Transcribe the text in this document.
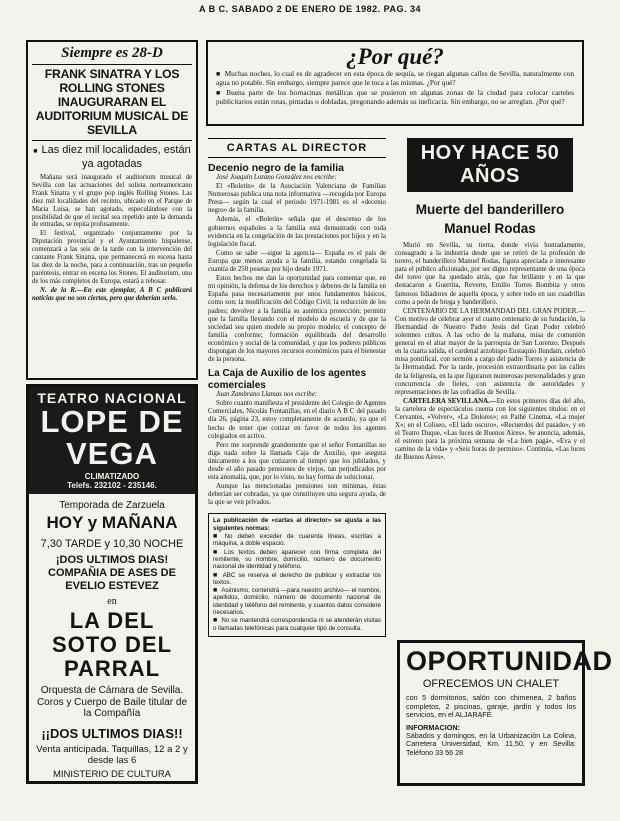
A B C. SABADO 2 DE ENERO DE 1982. PAG. 34
Siempre es 28-D
FRANK SINATRA Y LOS ROLLING STONES INAUGURARAN EL AUDITORIUM MUSICAL DE SEVILLA
■ Las diez mil localidades, están ya agotadas

Mañana será inaugurado el auditorium musical de Sevilla con las actuaciones del solista norteamericano Frank Sinatra y el grupo pop inglés Rolling Stones. Las diez mil localidades del recinto, ubicado en el Parque de Maria Luisa, se han agotado, especulándose con la posibilidad de que el recital sea repetido ante la demanda de entradas, se repita profusamente.

El festival, organizado conjuntamente por la Diputación provincial y el Ayuntamiento hispalense, comenzará a las seis de la tarde con la intervención del cantante Frank Sinatra, que permanecerá en escena hasta las diez de la noche, para a continuación, tras un pequeño paréntesis, entrar en escena los Stones. El auditorium, uno de los más completos de Europa, estará a rebosar.

N. de la R.—En este ejemplar, A B C publicará noticias que no son ciertas, pero que deberían serlo.

TEATRO NACIONAL
LOPE DE VEGA
CLIMATIZADO
Telefs. 232102 - 235146.
Temporada de Zarzuela
HOY y MAÑANA
7,30 TARDE y 10,30 NOCHE
¡DOS ULTIMOS DIAS! COMPAÑIA DE ASES DE EVELIO ESTEVEZ
en
LA DEL SOTO DEL PARRAL
Orquesta de Cámara de Sevilla. Coros y Cuerpo de Baile titular de la Compañía
¡¡DOS ULTIMOS DIAS!!
Venta anticipada. Taquillas, 12 a 2 y desde las 6
MINISTERIO DE CULTURA
¿Por qué?

■ Muchas noches, lo cual es de agradecer en esta época de sequía, se riegan algunas calles de Sevilla, naturalmente con agua no potable. Sin embargo, siempre parece que le toca a las mismas. ¿Por qué?

■ Buena parte de los hornacinas metálicas que se pusieron en algunas zonas de la ciudad para colocar carteles publicitarios están rotas, pintadas o dobladas, pregonando además su ineficacia. Sin embargo, no se arreglan. ¿Por qué?

CARTAS AL DIRECTOR
Decenio negro de la familia

José Joaquín Lozano González nos escribe:

El «Boletín» de la Asociación Valenciana de Familias Numerosas publica una nota informativa —recogida por Europa Press— según la cual el periodo 1971-1981 es el «decenio negro» de la familia.

Además, el «Boletín» señala que el descenso de los gobiernos españoles a la familia está demostrado con toda evidencia en la congelación de las prestaciones por hijos y en la legislación fiscal.

Como se sabe —sigue la agencia— España es el país de Europa que menos ayuda a la familia, estando congelada la cuantía de 250 pesetas por hijo desde 1971.

Estos hechos me dan la oportunidad para comentar que, en mi opinión, la defensa de los derechos y deberes de la familia en España pasa necesariamente por unos fundamentos básicos, como son: la modificación del Código Civil; la reducción de los padres; devolver a la familia su auténtica protección; permitir que la familia llevando con el modelo de escuela y de que la sociedad sea quien modele su propio modelo; el concepto de familia conforme; formación equilibrada del desarrollo económico y social de la comunidad, y que los poderes públicos dispongan de los mayores recursos económicos para el bienestar de la persona.

La Caja de Auxilio de los agentes comerciales

Juan Zambrano Llamas nos escribe:

Sobre cuanto manifiesta el presidente del Colegio de Agentes Comerciales, Nicolás Fontanillas, en el diario A B C del pasado día 26, página 23, estoy completamente de acuerdo, ya que el hecho de tener que cotizar en favor de todos los agentes colegiados en activo.

Pero me sorprende grandemente que el señor Fontanillas no diga nada sobre la llamada Caja de Auxilio, que asegura únicamente a los que cotizaron al tiempo que los jubilados, y desde el año pasado pensiones de viejos, tan perjudicados por esta anomalía, que, por lo visto, no hay forma de solucionar.

Aunque las mencionadas pensiones son mínimas, éstas deberían ser cobradas, ya que constituyen una segura ayuda, de la que se ven privados.

La publicación de «cartas al director» se ajusta a las siguientes normas:

■ No deben exceder de cuarenta líneas, escritas a máquina, a doble espacio.

■ Los textos deben aparecer con firma completa del remitente, su nombre, domicilio, número de documento nacional de identidad y teléfono.

■ ABC se reserva el derecho de publicar y extractar los textos.

■ Asimismo, contendrá —para nuestro archivo— el nombre, apellidos, domicilio, número de documento nacional de identidad y teléfono del remitente, y cuantos datos considere necesarios.

■ No se mantendrá correspondencia ni se atenderán visitas o llamadas telefónicas para cualquier tipo de consulta.

HOY HACE 50 AÑOS
Muerte del banderillero
Manuel Rodas

Murió en Sevilla, su tierra, donde vivía honradamente, consagrado a la industria desde que se retiró de la profesión de torero, el banderillero Manuel Rodas, figura apreciada e interesante para el público aficionado, por ser digno representante de una época del toreo que ha quedado atrás, que fue brillante y en la que destacaron a Guerrita, Reverte, Emilio Torres Bombita y otros famosos lidiadores de aquella época, y sobre todo en sus cuadrillas como a peón de brega y banderillero.

CENTENARIO DE LA HERMANDAD DEL GRAN PODER.—Con motivo de celebrar ayer el cuarto centenario de su fundación, la Hermandad de Nuestro Padre Jesús del Gran Poder celebró solemnes cultos. A las ocho de la mañana, misa de comunión general en el altar mayor de la parroquia de San Lorenzo. Después en la cuarta salida, el cardenal arzobispo Eustaquio Ilundain, celebró misa pontifical, con sermón a cargo del padre Torres y asistencia de la Hermandad. Por la tarde, procesión extraordinaria por las calles de la feligresía, en la que figuraron numerosas personalidades y gran concurrencia de fieles, con asistencia de autoridades y representaciones de las cofradías de Sevilla.

CARTELERA SEVILLANA.—En estos primeros días del año, la cartelera de espectáculos cuenta con los siguientes títulos: en el Cervantes, «Volver», «La Dolores»; en Pathé Cinema, «La mujer X»; en el Coliseo, «El lado oscuro», «Recuerdos del pasado», y en el Teatro Duque, «Las luces de Buenos Aires». Se anuncia, además, el estreno para la próxima semana de «La bien pagá», «Eva y el camino de la vida» y «Seis horas de permiso». Continúa, «Las luces de Buenos Aires».

OPORTUNIDAD
OFRECEMOS UN CHALET
con 5 dormitorios, salón con chimenea, 2 baños completos, 2 piscinas, garaje, jardín y todos los servicios, en el ALJARAFE.
INFORMACION:
Sábados y domingos, en la Urbanización La Colina, Carretera Universidad, Km. 11,50, y en Sevilla: Teléfono 33 56 28
